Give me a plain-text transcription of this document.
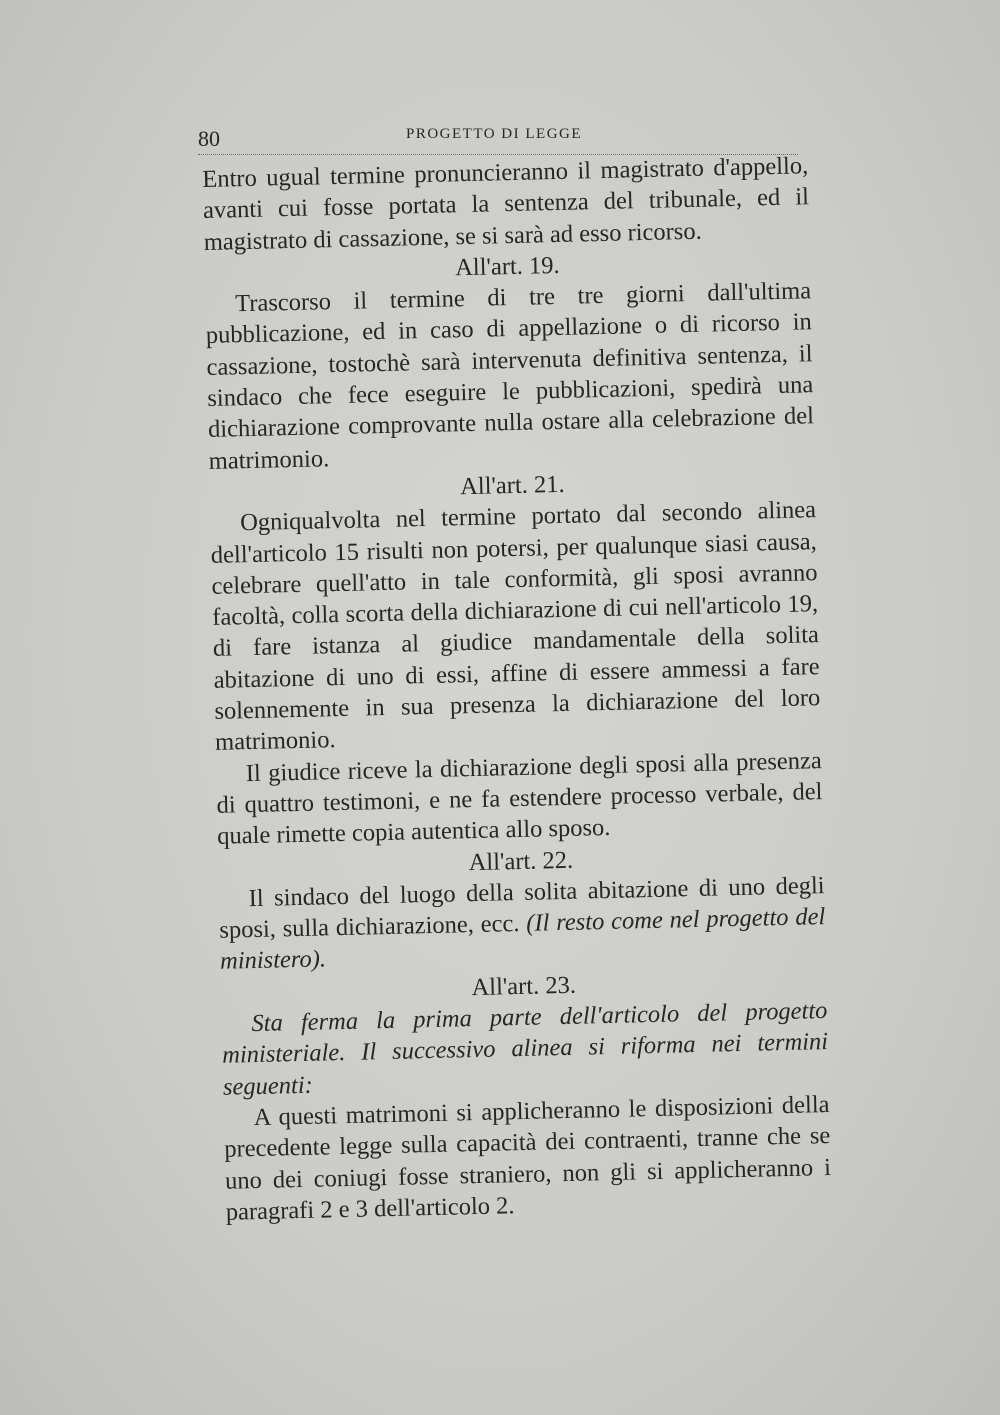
80	PROGETTO DI LEGGE

Entro ugual termine pronuncieranno il magistrato d'appello, avanti cui fosse portata la sentenza del tribunale, ed il magistrato di cassazione, se si sarà ad esso ricorso.

All'art. 19.

Trascorso il termine di tre tre giorni dall'ultima pubblicazione, ed in caso di appellazione o di ricorso in cassazione, tostochè sarà intervenuta definitiva sentenza, il sindaco che fece eseguire le pubblicazioni, spedirà una dichiarazione comprovante nulla ostare alla celebrazione del matrimonio.

All'art. 21.

Ogniqualvolta nel termine portato dal secondo alinea dell'articolo 15 risulti non potersi, per qualunque siasi causa, celebrare quell'atto in tale conformità, gli sposi avranno facoltà, colla scorta della dichiarazione di cui nell'articolo 19, di fare istanza al giudice mandamentale della solita abitazione di uno di essi, affine di essere ammessi a fare solennemente in sua presenza la dichiarazione del loro matrimonio.

Il giudice riceve la dichiarazione degli sposi alla presenza di quattro testimoni, e ne fa estendere processo verbale, del quale rimette copia autentica allo sposo.

All'art. 22.

Il sindaco del luogo della solita abitazione di uno degli sposi, sulla dichiarazione, ecc. (Il resto come nel progetto del ministero).

All'art. 23.

Sta ferma la prima parte dell'articolo del progetto ministeriale. Il successivo alinea si riforma nei termini seguenti:

A questi matrimoni si applicheranno le disposizioni della precedente legge sulla capacità dei contraenti, tranne che se uno dei coniugi fosse straniero, non gli si applicheranno i paragrafi 2 e 3 dell'articolo 2.
